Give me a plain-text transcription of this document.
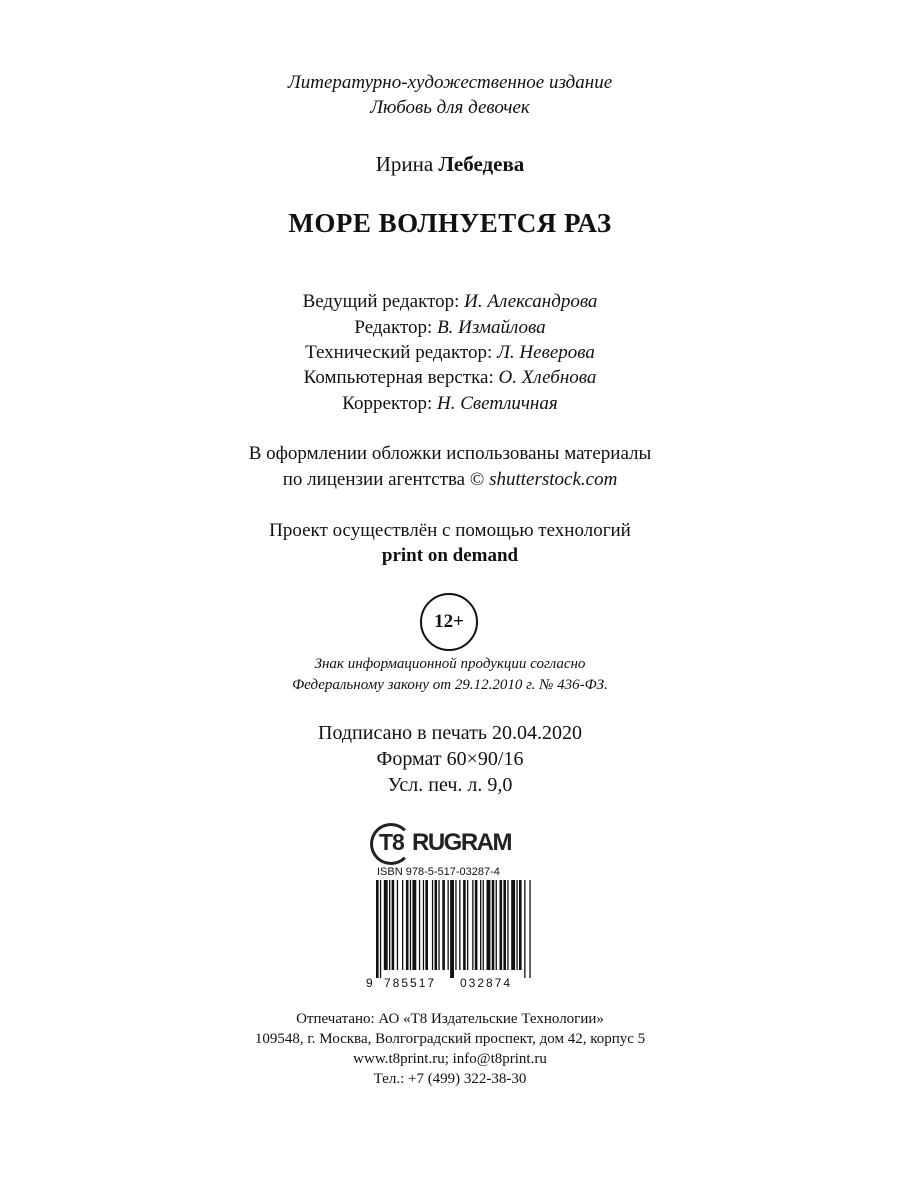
Литературно-художественное издание
Любовь для девочек
Ирина Лебедева
МОРЕ ВОЛНУЕТСЯ РАЗ
Ведущий редактор: И. Александрова
Редактор: В. Измайлова
Технический редактор: Л. Неверова
Компьютерная верстка: О. Хлебнова
Корректор: Н. Светличная
В оформлении обложки использованы материалы
по лицензии агентства © shutterstock.com
Проект осуществлён с помощью технологий
print on demand
12+
Знак информационной продукции согласно
Федеральному закону от 29.12.2010 г. № 436-ФЗ.
Подписано в печать 20.04.2020
Формат 60×90/16
Усл. печ. л. 9,0
T8 RUGRAM
ISBN 978-5-517-03287-4
9 785517 032874
Отпечатано: АО «Т8 Издательские Технологии»
109548, г. Москва, Волгоградский проспект, дом 42, корпус 5
www.t8print.ru; info@t8print.ru
Тел.: +7 (499) 322-38-30
